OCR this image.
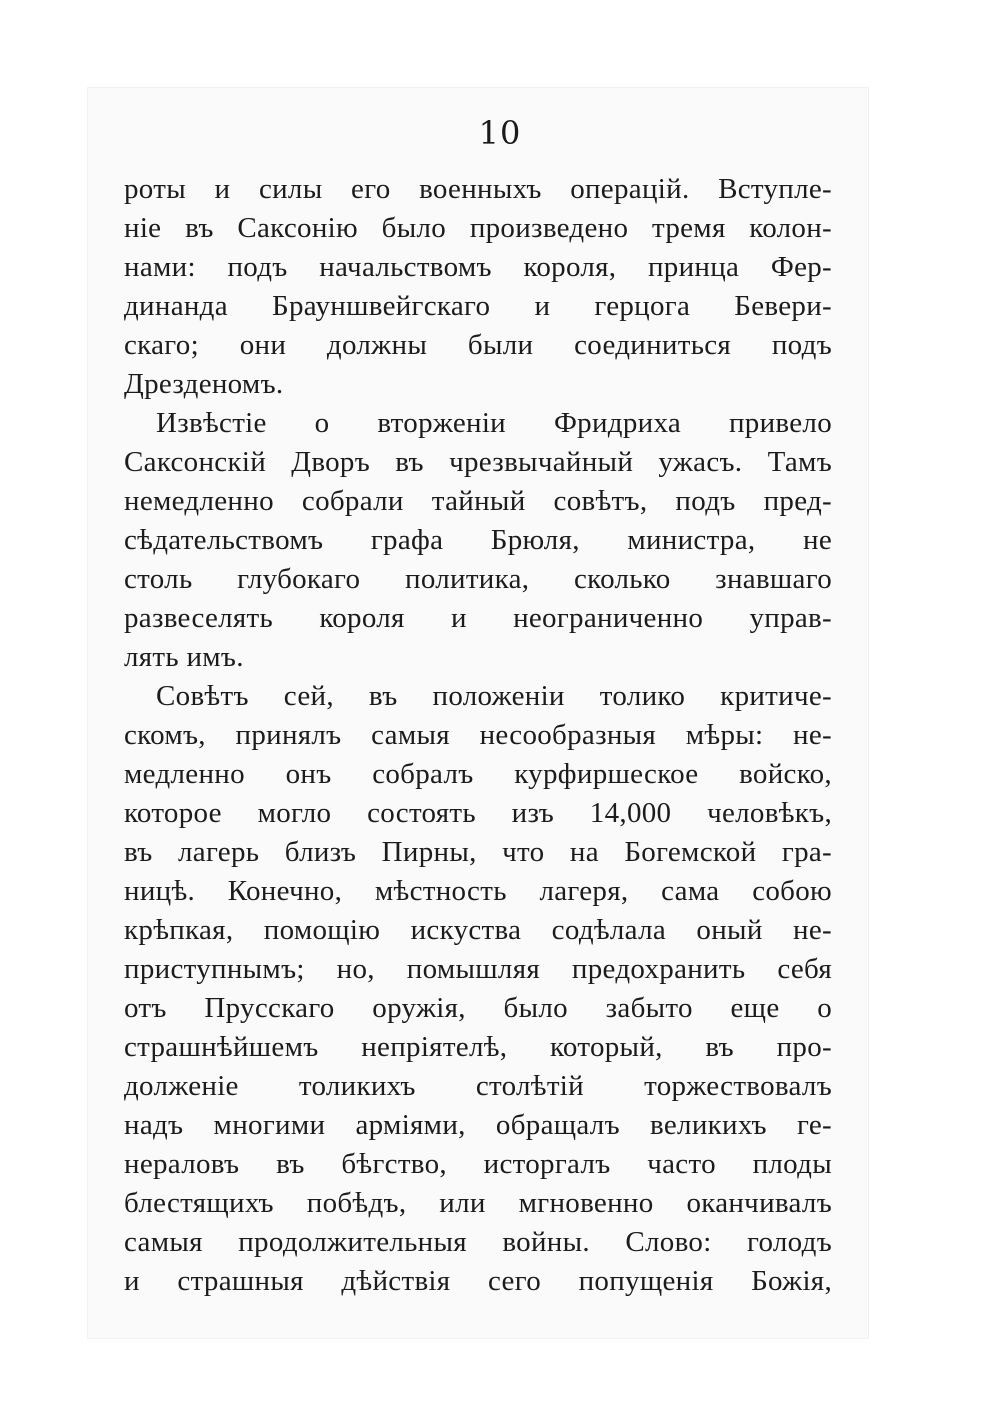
10
роты и силы его военныхъ операцій. Вступле-
ніе въ Саксонію было произведено тремя колон-
нами: подъ начальствомъ короля, принца Фер-
динанда Брауншвейгскаго и герцога Бевери-
скаго; они должны были соединиться подъ
Дрезденомъ.
Извѣстіе о вторженіи Фридриха привело
Саксонскій Дворъ въ чрезвычайный ужасъ. Тамъ
немедленно собрали тайный совѣтъ, подъ пред-
сѣдательствомъ графа Брюля, министра, не
столь глубокаго политика, сколько знавшаго
развеселять короля и неограниченно управ-
лять имъ.
Совѣтъ сей, въ положеніи толико критиче-
скомъ, принялъ самыя несообразныя мѣры: не-
медленно онъ собралъ курфиршеское войско,
которое могло состоять изъ 14,000 человѣкъ,
въ лагерь близъ Пирны, что на Богемской гра-
ницѣ. Конечно, мѣстность лагеря, сама собою
крѣпкая, помощію искуства содѣлала оный не-
приступнымъ; но, помышляя предохранить себя
отъ Прусскаго оружія, было забыто еще о
страшнѣйшемъ непріятелѣ, который, въ про-
долженіе толикихъ столѣтій торжествовалъ
надъ многими арміями, обращалъ великихъ ге-
нераловъ въ бѣгство, исторгалъ часто плоды
блестящихъ побѣдъ, или мгновенно оканчивалъ
самыя продолжительныя войны. Слово: голодъ
и страшныя дѣйствія сего попущенія Божія,
